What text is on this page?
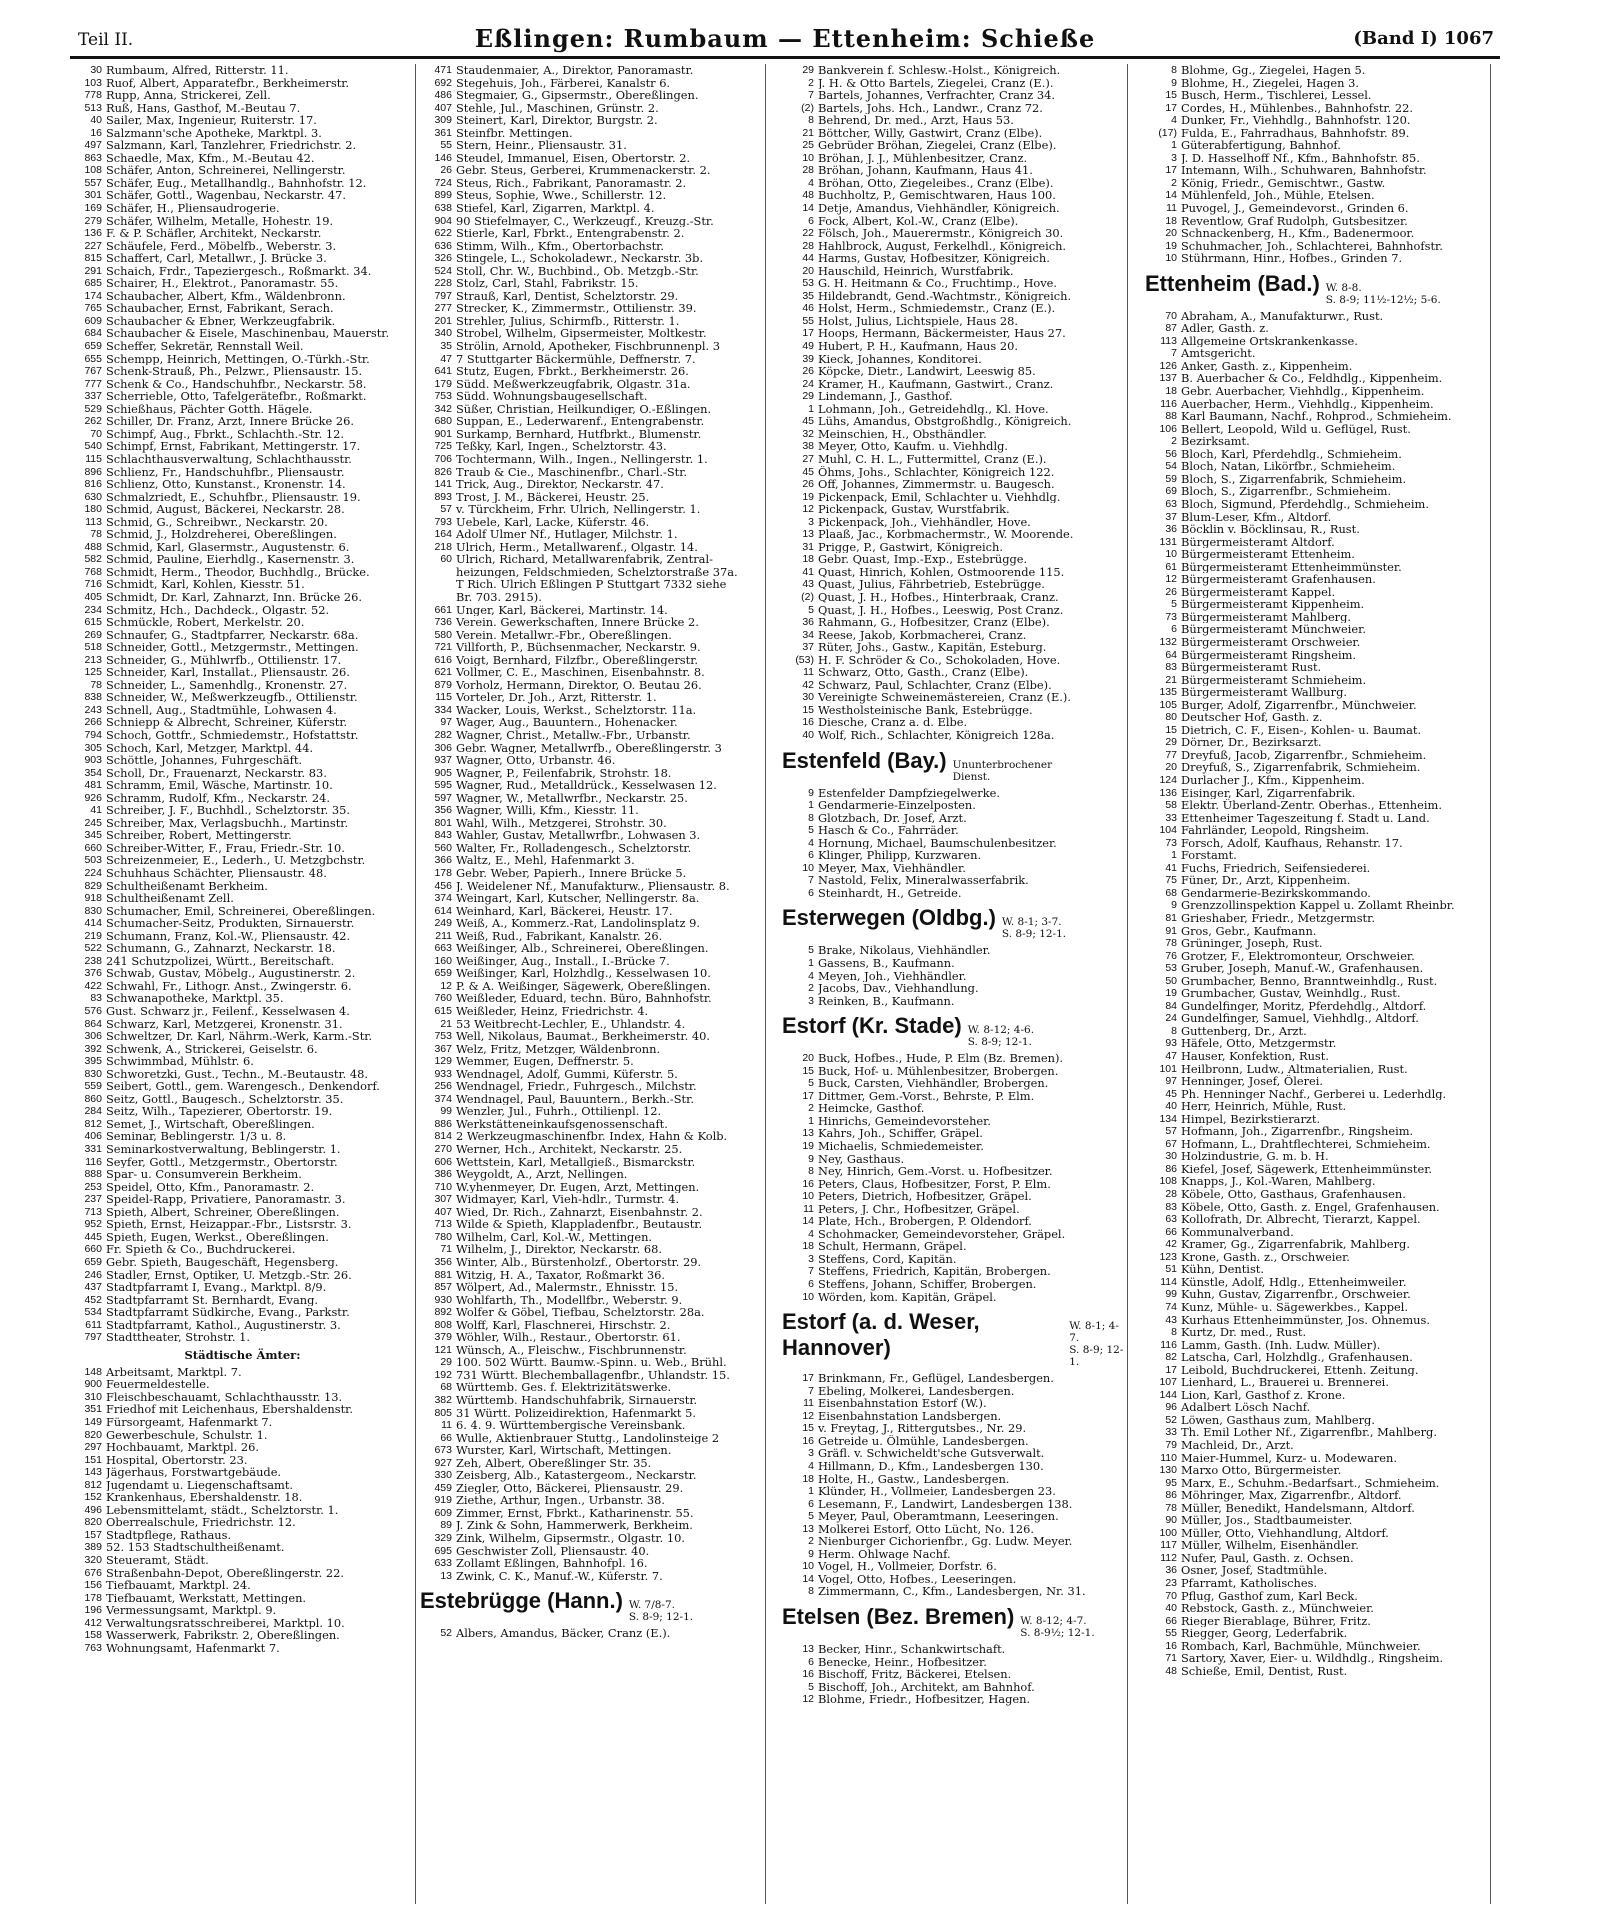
Teil II.	Eßlingen: Rumbaum — Ettenheim: Schieße	(Band I) 1067
30 Rumbaum, Alfred, Ritterstr. 11.
103 Ruof, Albert, Apparatefbr., Berkheimerstr.
778 Rupp, Anna, Strickerei, Zell.
513 Ruß, Hans, Gasthof, M.-Beutau 7.
40 Sailer, Max, Ingenieur, Ruiterstr. 17.
16 Salzmann'sche Apotheke, Marktpl. 3.
497 Salzmann, Karl, Tanzlehrer, Friedrichstr. 2.
863 Schaedle, Max, Kfm., M.-Beutau 42.
108 Schäfer, Anton, Schreinerei, Nellingerstr.
557 Schäfer, Eug., Metallhandlg., Bahnhofstr. 12.
301 Schäfer, Gottl., Wagenbau, Neckarstr. 47.
169 Schäfer, H., Pliensaudrogerie.
279 Schäfer, Wilhelm, Metalle, Hohestr. 19.
136 F. & P. Schäfler, Architekt, Neckarstr.
227 Schäufele, Ferd., Möbelfb., Weberstr. 3.
815 Schaffert, Carl, Metallwr., J. Brücke 3.
291 Schaich, Frdr., Tapeziergesch., Roßmarkt. 34.
685 Schairer, H., Elektrot., Panoramastr. 55.
174 Schaubacher, Albert, Kfm., Wäldenbronn.
765 Schaubacher, Ernst, Fabrikant, Serach.
609 Schaubacher & Ebner, Werkzeugfabrik.
684 Schaubacher & Eisele, Maschinenbau, Mauerstr.
659 Scheffer, Sekretär, Rennstall Weil.
655 Schempp, Heinrich, Mettingen, O.-Türkh.-Str.
767 Schenk-Strauß, Ph., Pelzwr., Pliensaustr. 15.
777 Schenk & Co., Handschuhfbr., Neckarstr. 58.
337 Scherrieble, Otto, Tafelgerätefbr., Roßmarkt.
529 Schießhaus, Pächter Gotth. Hägele.
262 Schiller, Dr. Franz, Arzt, Innere Brücke 26.
70 Schimpf, Aug., Fbrkt., Schlachth.-Str. 12.
540 Schimpf, Ernst, Fabrikant, Mettingerstr. 17.
115 Schlachthausverwaltung, Schlachthausstr.
896 Schlienz, Fr., Handschuhfbr., Pliensaustr.
816 Schlienz, Otto, Kunstanst., Kronenstr. 14.
630 Schmalzriedt, E., Schuhfbr., Pliensaustr. 19.
180 Schmid, August, Bäckerei, Neckarstr. 28.
113 Schmid, G., Schreibwr., Neckarstr. 20.
78 Schmid, J., Holzdreherei, Obereßlingen.
488 Schmid, Karl, Glasermstr., Augustenstr. 6.
582 Schmid, Pauline, Eierhdlg., Kasernenstr. 3.
768 Schmidt, Herm., Theodor, Buchhdlg., Brücke.
716 Schmidt, Karl, Kohlen, Kiesstr. 51.
405 Schmidt, Dr. Karl, Zahnarzt, Inn. Brücke 26.
234 Schmitz, Hch., Dachdeck., Olgastr. 52.
615 Schmückle, Robert, Merkelstr. 20.
269 Schnaufer, G., Stadtpfarrer, Neckarstr. 68a.
518 Schneider, Gottl., Metzgermstr., Mettingen.
213 Schneider, G., Mühlwrfb., Ottilienstr. 17.
125 Schneider, Karl, Installat., Pliensaustr. 26.
78 Schneider, L., Samenhdlg., Kronenstr. 27.
838 Schneider, W., Meßwerkzeugfb., Ottilienstr.
243 Schnell, Aug., Stadtmühle, Lohwasen 4.
266 Schniepp & Albrecht, Schreiner, Küferstr.
794 Schoch, Gottfr., Schmiedemstr., Hofstattstr.
305 Schoch, Karl, Metzger, Marktpl. 44.
903 Schöttle, Johannes, Fuhrgeschäft.
354 Scholl, Dr., Frauenarzt, Neckarstr. 83.
481 Schramm, Emil, Wäsche, Martinstr. 10.
926 Schramm, Rudolf, Kfm., Neckarstr. 24.
41 Schreiber, J. F., Buchhdl., Schelztorstr. 35.
245 Schreiber, Max, Verlagsbuchh., Martinstr.
345 Schreiber, Robert, Mettingerstr.
660 Schreiber-Witter, F., Frau, Friedr.-Str. 10.
503 Schreizenmeier, E., Lederh., U. Metzgbchstr.
224 Schuhhaus Schächter, Pliensaustr. 48.
829 Schultheißenamt Berkheim.
918 Schultheißenamt Zell.
830 Schumacher, Emil, Schreinerei, Obereßlingen.
414 Schumacher-Seitz, Produkten, Sirnauerstr.
219 Schumann, Franz, Kol.-W., Pliensaustr. 42.
522 Schumann, G., Zahnarzt, Neckarstr. 18.
238 241 Schutzpolizei, Württ., Bereitschaft.
376 Schwab, Gustav, Möbelg., Augustinerstr. 2.
422 Schwahl, Fr., Lithogr. Anst., Zwingerstr. 6.
83 Schwanapotheke, Marktpl. 35.
576 Gust. Schwarz jr., Feilenf., Kesselwasen 4.
864 Schwarz, Karl, Metzgerei, Kronenstr. 31.
306 Schweltzer, Dr. Karl, Nährm.-Werk, Karm.-Str.
392 Schwenk, A., Strickerei, Geiselstr. 6.
395 Schwimmbad, Mühlstr. 6.
830 Schworetzki, Gust., Techn., M.-Beutaustr. 48.
559 Seibert, Gottl., gem. Warengesch., Denkendorf.
860 Seitz, Gottl., Baugesch., Schelztorstr. 35.
284 Seitz, Wilh., Tapezierer, Obertorstr. 19.
812 Semet, J., Wirtschaft, Obereßlingen.
406 Seminar, Beblingerstr. 1/3 u. 8.
331 Seminarkostverwaltung, Beblingerstr. 1.
116 Seyfer, Gottl., Metzgermstr., Obertorstr.
888 Spar- u. Consumverein Berkheim.
253 Speidel, Otto, Kfm., Panoramastr. 2.
237 Speidel-Rapp, Privatiere, Panoramastr. 3.
713 Spieth, Albert, Schreiner, Obereßlingen.
952 Spieth, Ernst, Heizappar.-Fbr., Listsrstr. 3.
445 Spieth, Eugen, Werkst., Obereßlingen.
660 Fr. Spieth & Co., Buchdruckerei.
659 Gebr. Spieth, Baugeschäft, Hegensberg.
246 Stadler, Ernst, Optiker, U. Metzgb.-Str. 26.
437 Stadtpfarramt I, Evang., Marktpl. 8/9.
452 Stadtpfarramt St. Bernhardt, Evang.
534 Stadtpfarramt Südkirche, Evang., Parkstr.
611 Stadtpfarramt, Kathol., Augustinerstr. 3.
797 Stadttheater, Strohstr. 1.
Städtische Ämter:
148 Arbeitsamt, Marktpl. 7.
900 Feuermeldestelle.
310 Fleischbeschauamt, Schlachthausstr. 13.
351 Friedhof mit Leichenhaus, Ebershaldenstr.
149 Fürsorgeamt, Hafenmarkt 7.
820 Gewerbeschule, Schulstr. 1.
297 Hochbauamt, Marktpl. 26.
151 Hospital, Obertorstr. 23.
143 Jägerhaus, Forstwartgebäude.
812 Jugendamt u. Liegenschaftsamt.
152 Krankenhaus, Ebershaldenstr. 18.
496 Lebensmittelamt, städt., Schelztorstr. 1.
820 Oberrealschule, Friedrichstr. 12.
157 Stadtpflege, Rathaus.
389 52. 153 Stadtschultheißenamt.
320 Steueramt, Städt.
676 Straßenbahn-Depot, Obereßlingerstr. 22.
156 Tiefbauamt, Marktpl. 24.
178 Tiefbauamt, Werkstatt, Mettingen.
196 Vermessungsamt, Marktpl. 9.
412 Verwaltungsratsschreiberei, Marktpl. 10.
158 Wasserwerk, Fabrikstr. 2, Obereßlingen.
763 Wohnungsamt, Hafenmarkt 7.
471 Staudenmaier, A., Direktor, Panoramastr.
692 Stegehuis, Joh., Färberei, Kanalstr 6.
486 Stegmaier, G., Gipsermstr., Obereßlingen.
407 Stehle, Jul., Maschinen, Grünstr. 2.
309 Steinert, Karl, Direktor, Burgstr. 2.
361 Steinfbr. Mettingen.
55 Stern, Heinr., Pliensaustr. 31.
146 Steudel, Immanuel, Eisen, Obertorstr. 2.
26 Gebr. Steus, Gerberei, Krummenackerstr. 2.
724 Steus, Rich., Fabrikant, Panoramastr. 2.
899 Steus, Sophie, Wwe., Schillerstr. 12.
638 Stiefel, Karl, Zigarren, Marktpl. 4.
904 90 Stiefelmayer, C., Werkzeugf., Kreuzg.-Str.
622 Stierle, Karl, Fbrkt., Entengrabenstr. 2.
636 Stimm, Wilh., Kfm., Obertorbachstr.
326 Stingele, L., Schokoladewr., Neckarstr. 3b.
524 Stoll, Chr. W., Buchbind., Ob. Metzgb.-Str.
228 Stolz, Carl, Stahl, Fabrikstr. 15.
797 Strauß, Karl, Dentist, Schelztorstr. 29.
277 Strecker, K., Zimmermstr., Ottilienstr. 39.
201 Strehler, Julius, Schirmfb., Ritterstr. 1.
340 Strobel, Wilhelm, Gipsermeister, Moltkestr.
35 Strölin, Arnold, Apotheker, Fischbrunnenpl. 3
47 7 Stuttgarter Bäckermühle, Deffnerstr. 7.
641 Stutz, Eugen, Fbrkt., Berkheimerstr. 26.
179 Südd. Meßwerkzeugfabrik, Olgastr. 31a.
753 Südd. Wohnungsbaugesellschaft.
342 Süßer, Christian, Heilkundiger, O.-Eßlingen.
680 Suppan, E., Lederwarenf., Entengrabenstr.
901 Surkamp, Bernhard, Hutfbrkt., Blumenstr.
725 Teßky, Karl, Ingen., Schelztorstr. 43.
706 Tochtermann, Wilh., Ingen., Nellingerstr. 1.
826 Traub & Cie., Maschinenfbr., Charl.-Str.
141 Trick, Aug., Direktor, Neckarstr. 47.
893 Trost, J. M., Bäckerei, Heustr. 25.
57 v. Türckheim, Frhr. Ulrich, Nellingerstr. 1.
793 Uebele, Karl, Lacke, Küferstr. 46.
164 Adolf Ulmer Nf., Hutlager, Milchstr. 1.
218 Ulrich, Herm., Metallwarenf., Olgastr. 14.
60 Ulrich, Richard, Metallwarenfabrik, Zentral-
heizungen, Feldschmieden, Schelztorstraße 37a.
T Rich. Ulrich Eßlingen P Stuttgart 7332 siehe
Br. 703. 2915).
661 Unger, Karl, Bäckerei, Martinstr. 14.
736 Verein. Gewerkschaften, Innere Brücke 2.
580 Verein. Metallwr.-Fbr., Obereßlingen.
721 Villforth, P., Büchsenmacher, Neckarstr. 9.
616 Voigt, Bernhard, Filzfbr., Obereßlingerstr.
621 Vollmer, C. E., Maschinen, Eisenbahnstr. 8.
879 Vorholz, Hermann, Direktor, O. Beutau 26.
115 Vorteler, Dr. Joh., Arzt, Ritterstr. 1.
334 Wacker, Louis, Werkst., Schelztorstr. 11a.
97 Wager, Aug., Bauuntern., Hohenacker.
282 Wagner, Christ., Metallw.-Fbr., Urbanstr.
306 Gebr. Wagner, Metallwrfb., Obereßlingerstr. 3
937 Wagner, Otto, Urbanstr. 46.
905 Wagner, P., Feilenfabrik, Strohstr. 18.
595 Wagner, Rud., Metalldrück., Kesselwasen 12.
597 Wagner, W., Metallwrfbr., Neckarstr. 25.
356 Wagner, Willi, Kfm., Kiesstr. 11.
801 Wahl, Wilh., Metzgerei, Strohstr. 30.
843 Wahler, Gustav, Metallwrfbr., Lohwasen 3.
560 Walter, Fr., Rolladengesch., Schelztorstr.
366 Waltz, E., Mehl, Hafenmarkt 3.
178 Gebr. Weber, Papierh., Innere Brücke 5.
456 J. Weidelener Nf., Manufakturw., Pliensaustr. 8.
374 Weingart, Karl, Kutscher, Nellingerstr. 8a.
614 Weinhard, Karl, Bäckerei, Heustr. 17.
249 Weiß, A., Kommerz.-Rat, Landolinsplatz 9.
211 Weiß, Rud., Fabrikant, Kanalstr. 26.
663 Weißinger, Alb., Schreinerei, Obereßlingen.
160 Weißinger, Aug., Install., I.-Brücke 7.
659 Weißinger, Karl, Holzhdlg., Kesselwasen 10.
12 P. & A. Weißinger, Sägewerk, Obereßlingen.
760 Weißleder, Eduard, techn. Büro, Bahnhofstr.
615 Weißleder, Heinz, Friedrichstr. 4.
21 53 Weitbrecht-Lechler, E., Uhlandstr. 4.
753 Well, Nikolaus, Baumat., Berkheimerstr. 40.
367 Welz, Fritz, Metzger, Wäldenbronn.
129 Wemmer, Eugen, Deffnerstr. 5.
933 Wendnagel, Adolf, Gummi, Küferstr. 5.
256 Wendnagel, Friedr., Fuhrgesch., Milchstr.
374 Wendnagel, Paul, Bauuntern., Berkh.-Str.
99 Wenzler, Jul., Fuhrh., Ottilienpl. 12.
886 Werkstätteneinkaufsgenossenschaft.
814 2 Werkzeugmaschinenfbr. Index, Hahn & Kolb.
270 Werner, Hch., Architekt, Neckarstr. 25.
606 Wettstein, Karl, Metallgieß., Bismarckstr.
386 Weygoldt, A., Arzt, Nellingen.
710 W.yhenmeyer, Dr. Eugen, Arzt, Mettingen.
307 Widmayer, Karl, Vieh-hdlr., Turmstr. 4.
407 Wied, Dr. Rich., Zahnarzt, Eisenbahnstr. 2.
713 Wilde & Spieth, Klappladenfbr., Beutaustr.
780 Wilhelm, Carl, Kol.-W., Mettingen.
71 Wilhelm, J., Direktor, Neckarstr. 68.
356 Winter, Alb., Bürstenholzf., Obertorstr. 29.
881 Witzig, H. A., Taxator, Roßmarkt 36.
857 Wölpert, Ad., Malermstr., Ehnisstr. 15.
930 Wohlfarth, Th., Modellfbr., Weberstr. 9.
892 Wolfer & Göbel, Tiefbau, Schelztorstr. 28a.
808 Wolff, Karl, Flaschnerei, Hirschstr. 2.
379 Wöhler, Wilh., Restaur., Obertorstr. 61.
121 Wünsch, A., Fleischw., Fischbrunnenstr.
29 100. 502 Württ. Baumw.-Spinn. u. Web., Brühl.
192 731 Württ. Blechemballagenfbr., Uhlandstr. 15.
68 Württemb. Ges. f. Elektrizitätswerke.
382 Württemb. Handschuhfabrik, Sirnauerstr.
805 31 Württ. Polizeidirektion, Hafenmarkt 5.
11 6. 4. 9. Württembergische Vereinsbank.
66 Wulle, Aktienbrauer Stuttg., Landolinsteige 2
673 Wurster, Karl, Wirtschaft, Mettingen.
927 Zeh, Albert, Obereßlinger Str. 35.
330 Zeisberg, Alb., Katastergeom., Neckarstr.
459 Ziegler, Otto, Bäckerei, Pliensaustr. 29.
919 Ziethe, Arthur, Ingen., Urbanstr. 38.
609 Zimmer, Ernst, Fbrkt., Katharinenstr. 55.
89 J. Zink & Sohn, Hammerwerk, Berkheim.
329 Zink, Wilhelm, Gipsermstr., Olgastr. 10.
695 Geschwister Zoll, Pliensaustr. 40.
633 Zollamt Eßlingen, Bahnhofpl. 16.
13 Zwink, C. K., Manuf.-W., Küferstr. 7.
Estebrügge (Hann.) W. 7/8-7.
S. 8-9; 12-1.
52 Albers, Amandus, Bäcker, Cranz (E.).
29 Bankverein f. Schlesw.-Holst., Königreich.
2 J. H. & Otto Bartels, Ziegelei, Cranz (E.).
7 Bartels, Johannes, Verfrachter, Cranz 34.
(2) Bartels, Johs. Hch., Landwr., Cranz 72.
8 Behrend, Dr. med., Arzt, Haus 53.
21 Böttcher, Willy, Gastwirt, Cranz (Elbe).
25 Gebrüder Bröhan, Ziegelei, Cranz (Elbe).
10 Bröhan, J. J., Mühlenbesitzer, Cranz.
28 Bröhan, Johann, Kaufmann, Haus 41.
4 Bröhan, Otto, Ziegeleibes., Cranz (Elbe).
48 Buchholtz, P., Gemischtwaren, Haus 100.
14 Detje, Amandus, Viehhändler, Königreich.
6 Fock, Albert, Kol.-W., Cranz (Elbe).
22 Fölsch, Joh., Mauerermstr., Königreich 30.
28 Hahlbrock, August, Ferkelhdl., Königreich.
44 Harms, Gustav, Hofbesitzer, Königreich.
20 Hauschild, Heinrich, Wurstfabrik.
53 G. H. Heitmann & Co., Fruchtimp., Hove.
35 Hildebrandt, Gend.-Wachtmstr., Königreich.
46 Holst, Herm., Schmiedemstr., Cranz (E.).
55 Holst, Julius, Lichtspiele, Haus 28.
17 Hoops, Hermann, Bäckermeister, Haus 27.
49 Hubert, P. H., Kaufmann, Haus 20.
39 Kieck, Johannes, Konditorei.
26 Köpcke, Dietr., Landwirt, Leeswig 85.
24 Kramer, H., Kaufmann, Gastwirt., Cranz.
29 Lindemann, J., Gasthof.
1 Lohmann, Joh., Getreidehdlg., Kl. Hove.
45 Lühs, Amandus, Obstgroßhdlg., Königreich.
32 Meinschien, H., Obsthändler.
38 Meyer, Otto, Kaufm. u. Viehhdlg.
27 Muhl, C. H. L., Futtermittel, Cranz (E.).
45 Öhms, Johs., Schlachter, Königreich 122.
26 Off, Johannes, Zimmermstr. u. Baugesch.
19 Pickenpack, Emil, Schlachter u. Viehhdlg.
12 Pickenpack, Gustav, Wurstfabrik.
3 Pickenpack, Joh., Viehhändler, Hove.
13 Plaaß, Jac., Korbmachermstr., W. Moorende.
31 Prigge, P., Gastwirt, Königreich.
18 Gebr. Quast, Imp.-Exp., Estebrügge.
41 Quast, Hinrich, Kohlen, Ostmoorende 115.
43 Quast, Julius, Fährbetrieb, Estebrügge.
(2) Quast, J. H., Hofbes., Hinterbraak, Cranz.
5 Quast, J. H., Hofbes., Leeswig, Post Cranz.
36 Rahmann, G., Hofbesitzer, Cranz (Elbe).
34 Reese, Jakob, Korbmacherei, Cranz.
37 Rüter, Johs., Gastw., Kapitän, Esteburg.
(53) H. F. Schröder & Co., Schokoladen, Hove.
11 Schwarz, Otto, Gasth., Cranz (Elbe).
42 Schwarz, Paul, Schlachter, Cranz (Elbe).
30 Vereinigte Schweinemästereien, Cranz (E.).
15 Westholsteinische Bank, Estebrügge.
16 Diesche, Cranz a. d. Elbe.
40 Wolf, Rich., Schlachter, Königreich 128a.
Estenfeld (Bay.) Ununterbrochener
Dienst.
9 Estenfelder Dampfziegelwerke.
1 Gendarmerie-Einzelposten.
8 Glotzbach, Dr. Josef, Arzt.
5 Hasch & Co., Fahrräder.
4 Hornung, Michael, Baumschulenbesitzer.
6 Klinger, Philipp, Kurzwaren.
10 Meyer, Max, Viehhändler.
7 Nastold, Felix, Mineralwasserfabrik.
6 Steinhardt, H., Getreide.
Esterwegen (Oldbg.) W. 8-1; 3-7.
S. 8-9; 12-1.
5 Brake, Nikolaus, Viehhändler.
1 Gassens, B., Kaufmann.
4 Meyen, Joh., Viehhändler.
2 Jacobs, Dav., Viehhandlung.
3 Reinken, B., Kaufmann.
Estorf (Kr. Stade) W. 8-12; 4-6.
S. 8-9; 12-1.
20 Buck, Hofbes., Hude, P. Elm (Bz. Bremen).
15 Buck, Hof- u. Mühlenbesitzer, Brobergen.
5 Buck, Carsten, Viehhändler, Brobergen.
17 Dittmer, Gem.-Vorst., Behrste, P. Elm.
2 Heimcke, Gasthof.
1 Hinrichs, Gemeindevorsteher.
13 Kahrs, Joh., Schiffer, Gräpel.
19 Michaelis, Schmiedemeister.
9 Ney, Gasthaus.
8 Ney, Hinrich, Gem.-Vorst. u. Hofbesitzer.
16 Peters, Claus, Hofbesitzer, Forst, P. Elm.
10 Peters, Dietrich, Hofbesitzer, Gräpel.
11 Peters, J. Chr., Hofbesitzer, Gräpel.
14 Plate, Hch., Brobergen, P. Oldendorf.
4 Schohmacker, Gemeindevorsteher, Gräpel.
18 Schult, Hermann, Gräpel.
3 Steffens, Cord, Kapitän.
7 Steffens, Friedrich, Kapitän, Brobergen.
6 Steffens, Johann, Schiffer, Brobergen.
10 Wörden, kom. Kapitän, Gräpel.
Estorf (a. d. Weser, Hannover)
W. 8-1; 4-7.
S. 8-9; 12-1.
17 Brinkmann, Fr., Geflügel, Landesbergen.
7 Ebeling, Molkerei, Landesbergen.
11 Eisenbahnstation Estorf (W.).
12 Eisenbahnstation Landsbergen.
15 v. Freytag, J., Rittergutsbes., Nr. 29.
16 Getreide u. Ölmühle, Landesbergen.
3 Gräfl. v. Schwicheldt'sche Gutsverwalt.
4 Hillmann, D., Kfm., Landesbergen 130.
18 Holte, H., Gastw., Landesbergen.
1 Klünder, H., Vollmeier, Landesbergen 23.
6 Lesemann, F., Landwirt, Landesbergen 138.
5 Meyer, Paul, Oberamtmann, Leeseringen.
13 Molkerei Estorf, Otto Lücht, No. 126.
2 Nienburger Cichorienfbr., Gg. Ludw. Meyer.
9 Herm. Ohlwage Nachf.
10 Vogel, H., Vollmeier, Dorfstr. 6.
14 Vogel, Otto, Hofbes., Leeseringen.
8 Zimmermann, C., Kfm., Landesbergen, Nr. 31.
Etelsen (Bez. Bremen) W. 8-12; 4-7.
S. 8-9½; 12-1.
13 Becker, Hinr., Schankwirtschaft.
6 Benecke, Heinr., Hofbesitzer.
16 Bischoff, Fritz, Bäckerei, Etelsen.
5 Bischoff, Joh., Architekt, am Bahnhof.
12 Blohme, Friedr., Hofbesitzer, Hagen.
8 Blohme, Gg., Ziegelei, Hagen 5.
9 Blohme, H., Ziegelei, Hagen 3.
15 Busch, Herm., Tischlerei, Lessel.
17 Cordes, H., Mühlenbes., Bahnhofstr. 22.
4 Dunker, Fr., Viehhdlg., Bahnhofstr. 120.
(17) Fulda, E., Fahrradhaus, Bahnhofstr. 89.
1 Güterabfertigung, Bahnhof.
3 J. D. Hasselhoff Nf., Kfm., Bahnhofstr. 85.
17 Intemann, Wilh., Schuhwaren, Bahnhofstr.
2 König, Friedr., Gemischtwr., Gastw.
14 Mühlenfeld, Joh., Mühle, Etelsen.
11 Puvogel, J., Gemeindevorst., Grinden 6.
18 Reventlow, Graf Rudolph, Gutsbesitzer.
20 Schnackenberg, H., Kfm., Badenermoor.
19 Schuhmacher, Joh., Schlachterei, Bahnhofstr.
10 Stührmann, Hinr., Hofbes., Grinden 7.
Ettenheim (Bad.) W. 8-8.
S. 8-9; 11½-12½; 5-6.
70 Abraham, A., Manufakturwr., Rust.
87 Adler, Gasth. z.
113 Allgemeine Ortskrankenkasse.
7 Amtsgericht.
126 Anker, Gasth. z., Kippenheim.
137 B. Auerbacher & Co., Feldhdlg., Kippenheim.
18 Gebr. Auerbacher, Viehhdlg., Kippenheim.
116 Auerbacher, Herm., Viehhdlg., Kippenheim.
88 Karl Baumann, Nachf., Rohprod., Schmieheim.
106 Bellert, Leopold, Wild u. Geflügel, Rust.
2 Bezirksamt.
56 Bloch, Karl, Pferdehdlg., Schmieheim.
54 Bloch, Natan, Likörfbr., Schmieheim.
59 Bloch, S., Zigarrenfabrik, Schmieheim.
69 Bloch, S., Zigarrenfbr., Schmieheim.
63 Bloch, Sigmund, Pferdehdlg., Schmieheim.
37 Blum-Leser, Kfm., Altdorf.
36 Böcklin v. Böcklinsau, R., Rust.
131 Bürgermeisteramt Altdorf.
10 Bürgermeisteramt Ettenheim.
61 Bürgermeisteramt Ettenheimmünster.
12 Bürgermeisteramt Grafenhausen.
26 Bürgermeisteramt Kappel.
5 Bürgermeisteramt Kippenheim.
73 Bürgermeisteramt Mahlberg.
6 Bürgermeisteramt Münchweier.
132 Bürgermeisteramt Orschweier.
64 Bürgermeisteramt Ringsheim.
83 Bürgermeisteramt Rust.
21 Bürgermeisteramt Schmieheim.
135 Bürgermeisteramt Wallburg.
105 Burger, Adolf, Zigarrenfbr., Münchweier.
80 Deutscher Hof, Gasth. z.
15 Dietrich, C. F., Eisen-, Kohlen- u. Baumat.
29 Dörner, Dr., Bezirksarzt.
77 Dreyfuß, Jacob, Zigarrenfbr., Schmieheim.
20 Dreyfuß, S., Zigarrenfabrik, Schmieheim.
124 Durlacher J., Kfm., Kippenheim.
136 Eisinger, Karl, Zigarrenfabrik.
58 Elektr. Überland-Zentr. Oberhas., Ettenheim.
33 Ettenheimer Tageszeitung f. Stadt u. Land.
104 Fahrländer, Leopold, Ringsheim.
73 Forsch, Adolf, Kaufhaus, Rehanstr. 17.
1 Forstamt.
41 Fuchs, Friedrich, Seifensiederei.
75 Füner, Dr., Arzt, Kippenheim.
68 Gendarmerie-Bezirkskommando.
9 Grenzzollinspektion Kappel u. Zollamt Rheinbr.
81 Grieshaber, Friedr., Metzgermstr.
91 Gros, Gebr., Kaufmann.
78 Grüninger, Joseph, Rust.
76 Grotzer, F., Elektromonteur, Orschweier.
53 Gruber, Joseph, Manuf.-W., Grafenhausen.
50 Grumbacher, Benno, Branntweinhdlg., Rust.
19 Grumbacher, Gustav, Weinhdlg., Rust.
84 Gundelfinger, Moritz, Pferdehdlg., Altdorf.
24 Gundelfinger, Samuel, Viehhdlg., Altdorf.
8 Guttenberg, Dr., Arzt.
93 Häfele, Otto, Metzgermstr.
47 Hauser, Konfektion, Rust.
101 Heilbronn, Ludw., Altmaterialien, Rust.
97 Henninger, Josef, Ölerei.
45 Ph. Henninger Nachf., Gerberei u. Lederhdlg.
40 Herr, Heinrich, Mühle, Rust.
134 Himpel, Bezirkstierarzt.
57 Hofmann, Joh., Zigarrenfbr., Ringsheim.
67 Hofmann, L., Drahtflechterei, Schmieheim.
30 Holzindustrie, G. m. b. H.
86 Kiefel, Josef, Sägewerk, Ettenheimmünster.
108 Knapps, J., Kol.-Waren, Mahlberg.
28 Köbele, Otto, Gasthaus, Grafenhausen.
83 Köbele, Otto, Gasth. z. Engel, Grafenhausen.
63 Kollofrath, Dr. Albrecht, Tierarzt, Kappel.
66 Kommunalverband.
42 Kramer, Gg., Zigarrenfabrik, Mahlberg.
123 Krone, Gasth. z., Orschweier.
51 Kühn, Dentist.
114 Künstle, Adolf, Hdlg., Ettenheimweiler.
99 Kuhn, Gustav, Zigarrenfbr., Orschweier.
74 Kunz, Mühle- u. Sägewerkbes., Kappel.
43 Kurhaus Ettenheimmünster, Jos. Ohnemus.
8 Kurtz, Dr. med., Rust.
116 Lamm, Gasth. (Inh. Ludw. Müller).
82 Latscha, Carl, Holzhdlg., Grafenhausen.
17 Leibold, Buchdruckerei, Ettenh. Zeitung.
107 Lienhard, L., Brauerei u. Brennerei.
144 Lion, Karl, Gasthof z. Krone.
96 Adalbert Lösch Nachf.
52 Löwen, Gasthaus zum, Mahlberg.
33 Th. Emil Lother Nf., Zigarrenfbr., Mahlberg.
79 Machleid, Dr., Arzt.
110 Maier-Hummel, Kurz- u. Modewaren.
130 Marxo Otto, Bürgermeister.
95 Marx, E., Schuhm.-Bedarfsart., Schmieheim.
86 Möhringer, Max, Zigarrenfbr., Altdorf.
78 Müller, Benedikt, Handelsmann, Altdorf.
90 Müller, Jos., Stadtbaumeister.
100 Müller, Otto, Viehhandlung, Altdorf.
117 Müller, Wilhelm, Eisenhändler.
112 Nufer, Paul, Gasth. z. Ochsen.
36 Osner, Josef, Stadtmühle.
23 Pfarramt, Katholisches.
70 Pflug, Gasthof zum, Karl Beck.
40 Rebstock, Gasth. z., Münchweier.
66 Rieger Bierablage, Bührer, Fritz.
55 Riegger, Georg, Lederfabrik.
16 Rombach, Karl, Bachmühle, Münchweier.
71 Sartory, Xaver, Eier- u. Wildhdlg., Ringsheim.
48 Schieße, Emil, Dentist, Rust.
